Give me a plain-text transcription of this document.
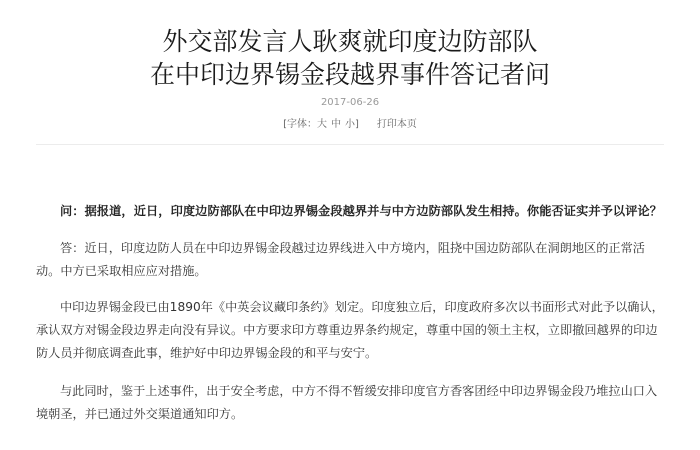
外交部发言人耿爽就印度边防部队
在中印边界锡金段越界事件答记者问
2017-06-26
[字体：大 中 小] 打印本页

问：据报道，近日，印度边防部队在中印边界锡金段越界并与中方边防部队发生相持。你能否证实并予以评论？

答：近日，印度边防人员在中印边界锡金段越过边界线进入中方境内，阻挠中国边防部队在洞朗地区的正常活动。中方已采取相应应对措施。

中印边界锡金段已由1890年《中英会议藏印条约》划定。印度独立后，印度政府多次以书面形式对此予以确认，承认双方对锡金段边界走向没有异议。中方要求印方尊重边界条约规定，尊重中国的领土主权，立即撤回越界的印边防人员并彻底调查此事，维护好中印边界锡金段的和平与安宁。

与此同时，鉴于上述事件，出于安全考虑，中方不得不暂缓安排印度官方香客团经中印边界锡金段乃堆拉山口入境朝圣，并已通过外交渠道通知印方。
